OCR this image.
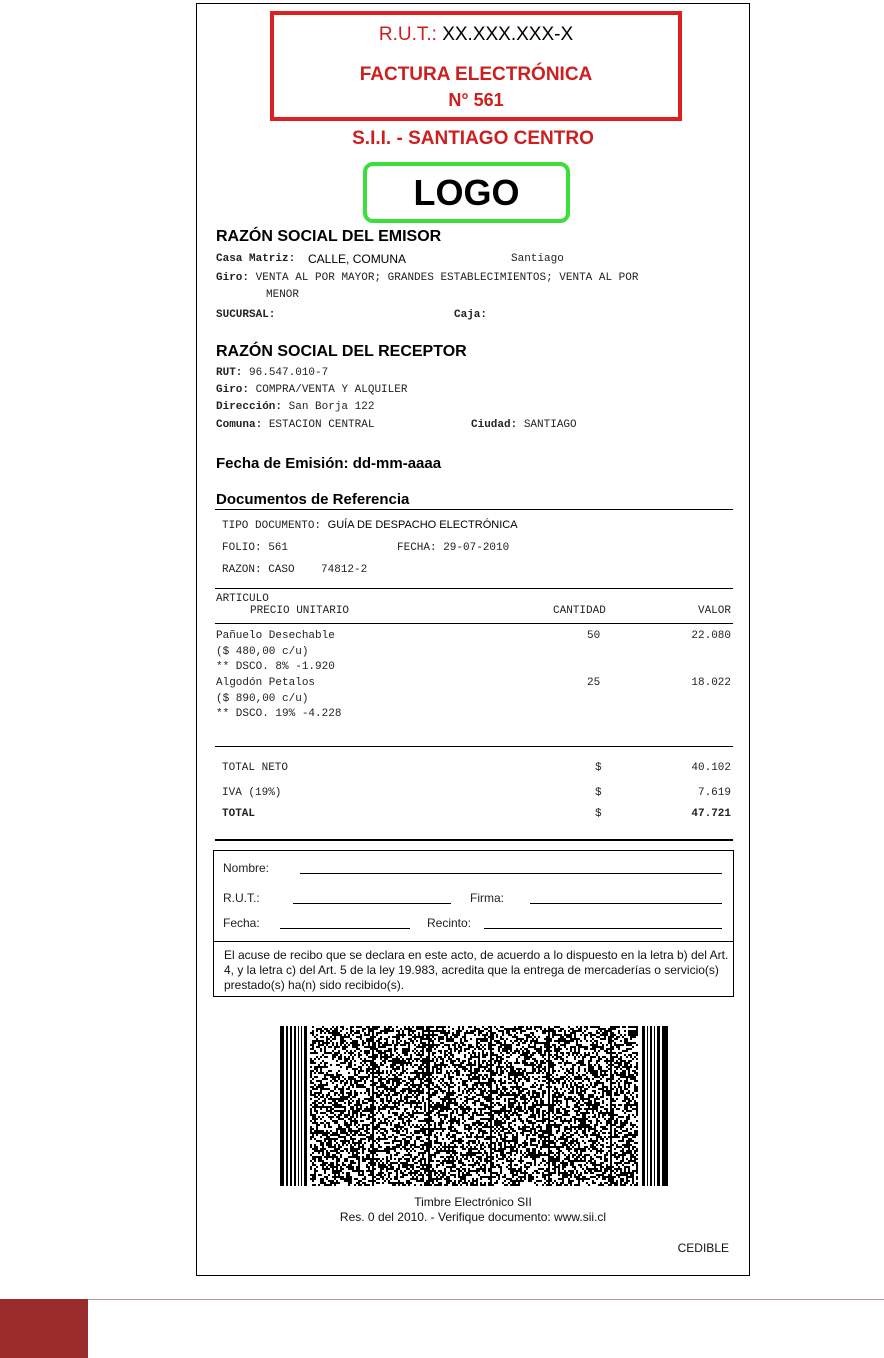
R.U.T.: XX.XXX.XXX-X
FACTURA ELECTRÓNICA
N° 561
S.I.I. - SANTIAGO CENTRO
LOGO
RAZÓN SOCIAL DEL EMISOR
Casa Matriz: CALLE, COMUNA	Santiago
Giro: VENTA AL POR MAYOR; GRANDES ESTABLECIMIENTOS; VENTA AL POR
MENOR
SUCURSAL:	Caja:
RAZÓN SOCIAL DEL RECEPTOR
RUT: 96.547.010-7
Giro: COMPRA/VENTA Y ALQUILER
Dirección: San Borja 122
Comuna: ESTACION CENTRAL	Ciudad: SANTIAGO
Fecha de Emisión: dd-mm-aaaa
Documentos de Referencia
TIPO DOCUMENTO: GUÍA DE DESPACHO ELECTRÓNICA
FOLIO: 561	FECHA: 29-07-2010
RAZON: CASO    74812-2
ARTICULO
PRECIO UNITARIO	CANTIDAD	VALOR
Pañuelo Desechable	50	22.080
($ 480,00 c/u)
** DSCO. 8% -1.920
Algodón Petalos	25	18.022
($ 890,00 c/u)
** DSCO. 19% -4.228
TOTAL NETO	$	40.102
IVA (19%)	$	7.619
TOTAL	$	47.721
Nombre:
R.U.T.:	Firma:
Fecha:	Recinto:
El acuse de recibo que se declara en este acto, de acuerdo a lo dispuesto en la letra b) del Art. 4, y la letra c) del Art. 5 de la ley 19.983, acredita que la entrega de mercaderías o servicio(s) prestado(s) ha(n) sido recibido(s).
Timbre Electrónico SII
Res. 0 del 2010. - Verifique documento: www.sii.cl
CEDIBLE
